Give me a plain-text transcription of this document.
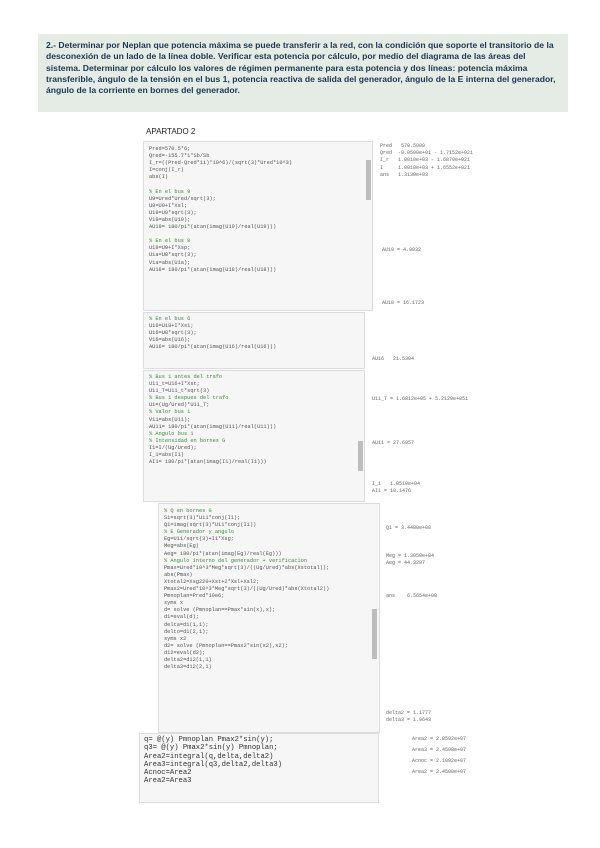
2.- Determinar por Neplan que potencia máxima se puede transferir a la red, con la condición que soporte el transitorio de la desconexión de un lado de la línea doble. Verificar esta potencia por cálculo, por medio del diagrama de las áreas del sistema. Determinar por cálculo los valores de régimen permanente para esta potencia y dos líneas: potencia máxima transferible, ángulo de la tensión en el bus 1, potencia reactiva de salida del generador, ángulo de la E interna del generador, ángulo de la corriente en bornes del generador.
APARTADO 2
Pred=570.5*6;
Qred=-155.7*1*Sb/Sb
I_r=((Pred-Qred*1i)*10^6)/(sqrt(3)*Ured*10^3)
I=conj(I_r)
abs(I)

% En el bus 9
U9=Ured*Ured/sqrt(3);
U9=U9+I*Xsl;
U19=U9*sqrt(3);
V19=abs(U19);
AU19= 180/pi*(atan(imag(U19)/real(U19)))

% En el bus 8
U18=U9+I*Xsp;
U1a=U8*sqrt(3);
V1a=abs(U1a);
AU18= 180/pi*(atan(imag(U18)/real(U18)))
% En el bus 6
U16=U18+I*Xs1;
U16=U8*sqrt(3);
V16=abs(U16);
AU16= 180/pi*(atan(imag(U16)/real(U16)))
% Bus 1 antes del trafo
U11_t=U16+I*Xst;
U11_T=U11_t*sqrt(3)
% Bus 1 despues del trafo
U1=(Ug/Ured)*U11_T;
% Valor bus 1
V11=abs(U11);
AU11= 180/pi*(atan(imag(U11)/real(U11)))
% Angulo bus 1
% Intensidad en bornes G
I1=I/(Ug/Ured);
I_1=abs(I1)
AI1= 180/pi*(atan(imag(I1)/real(I1)))
% Q en bornes G
S1=sqrt(3)*U11*conj(I1);
Q1=imag(sqrt(3)*U11*conj(I1))
% E Generador y angulo
Eg=U11/sqrt(3)+I1*Xsg;
Meg=abs(Eg)
Aeg= 180/pi*(atan(imag(Eg)/real(Eg)))
% Angulo interno del generador + verificacion
Pmax=Ured*10^3*Meg*sqrt(3)/((Ug/Ured)*abs(Xstotal));
abs(Pmax)
Xtotal2=Xsg220+Xst+2*Xsl+Xsl2;
Pmax2=Ured*10^3*Meg*sqrt(3)/((Ug/Ured)*abs(Xtotal2))
Pmnoplan=Pred*10e6;
syms x
d= solve (Pmnoplan==Pmax*sin(x),x);
d1=eval(d);
delta=d1(1,1);
delto=d1(2,1);
syms x2
d2= solve (Pmnoplan==Pmax2*sin(x2),x2);
d12=eval(d2);
delta2=d12(1,1)
delta3=d12(2,1)
q= @(y) Pmnoplan Pmax2*sin(y);
q3= @(y) Pmax2*sin(y) Pmnoplan;
Area2=integral(q,delta,delta2)
Area3=integral(q3,delta2,delta3)
Acnoc=Area2
Area2=Area3
Pred   570.5000
Qred  -9.0500e+01 - 1.7152e+02i
I_r   1.0010e+03 - 1.6870e+02i
I     1.0010e+03 + 1.6552e+02i
ans   1.3130e+03
AU19 = 4.9932
AU18 = 16.1723
AU16   21.5304
U11_T = 1.6812e+05 + 5.2120e+05i
AU11 = 27.6957
I_1   1.8510e+04
AI1 = 10.1476
Q1 = 3.4480e+08
Meg = 1.3050e+04
Aeg = 44.3287
ans    6.5654e+08
delta2 = 1.1777
delta3 = 1.9643
Area2 = 2.8592e+07
Area3 = 2.4598e+07
Acnoc = 2.1092e+07
Area2 = 2.4500e+07
